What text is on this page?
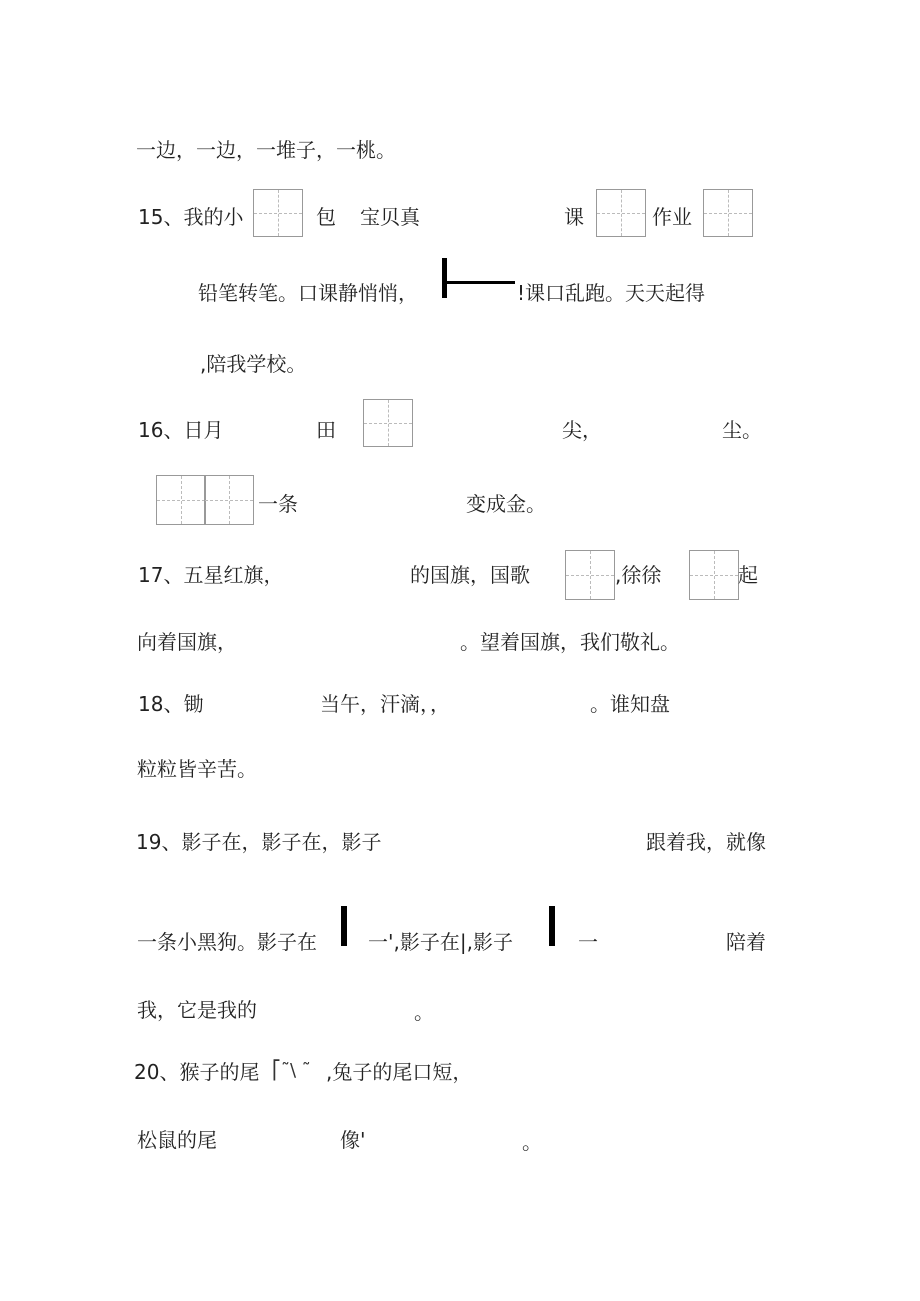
一边，一边，一堆子，一桃。
15、我的小	包 宝贝真	课	作业
铅笔转笔。口课静悄悄，	!课口乱跑。天天起得
,陪我学校。
16、日月	田	尖，	尘。
一条	变成金。
17、五星红旗，	的国旗，国歌	,徐徐	起
向着国旗，	。望着国旗，我们敬礼。
18、锄	当午，汗滴，，	。谁知盘
粒粒皆辛苦。
19、影子在，影子在，影子	跟着我，就像
一条小黑狗。影子在	一',影子在|,影子	一	陪着
我，它是我的	。
20、猴子的尾 ⎡˜\ ˜ ,兔子的尾口短，
松鼠的尾	像'	。
